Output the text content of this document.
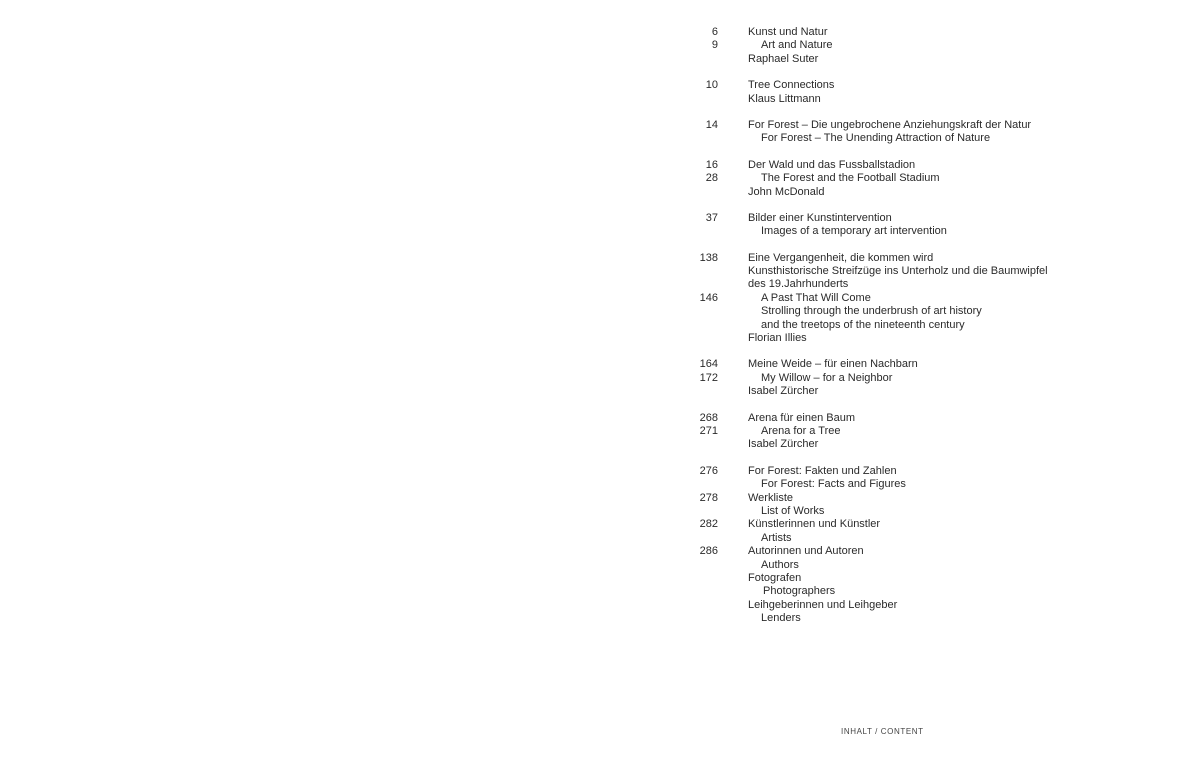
6	Kunst und Natur
9	Art and Nature
Raphael Suter
10	Tree Connections
Klaus Littmann
14	For Forest – Die ungebrochene Anziehungskraft der Natur
For Forest – The Unending Attraction of Nature
16	Der Wald und das Fussballstadion
28	The Forest and the Football Stadium
John McDonald
37	Bilder einer Kunstintervention
Images of a temporary art intervention
138	Eine Vergangenheit, die kommen wird
Kunsthistorische Streifzüge ins Unterholz und die Baumwipfel
des 19.Jahrhunderts
146	A Past That Will Come
Strolling through the underbrush of art history
and the treetops of the nineteenth century
Florian Illies
164	Meine Weide – für einen Nachbarn
172	My Willow – for a Neighbor
Isabel Zürcher
268	Arena für einen Baum
271	Arena for a Tree
Isabel Zürcher
276	For Forest: Fakten und Zahlen
For Forest: Facts and Figures
278	Werkliste
List of Works
282	Künstlerinnen und Künstler
Artists
286	Autorinnen und Autoren
Authors
Fotografen
Photographers
Leihgeberinnen und Leihgeber
Lenders
INHALT / CONTENT
